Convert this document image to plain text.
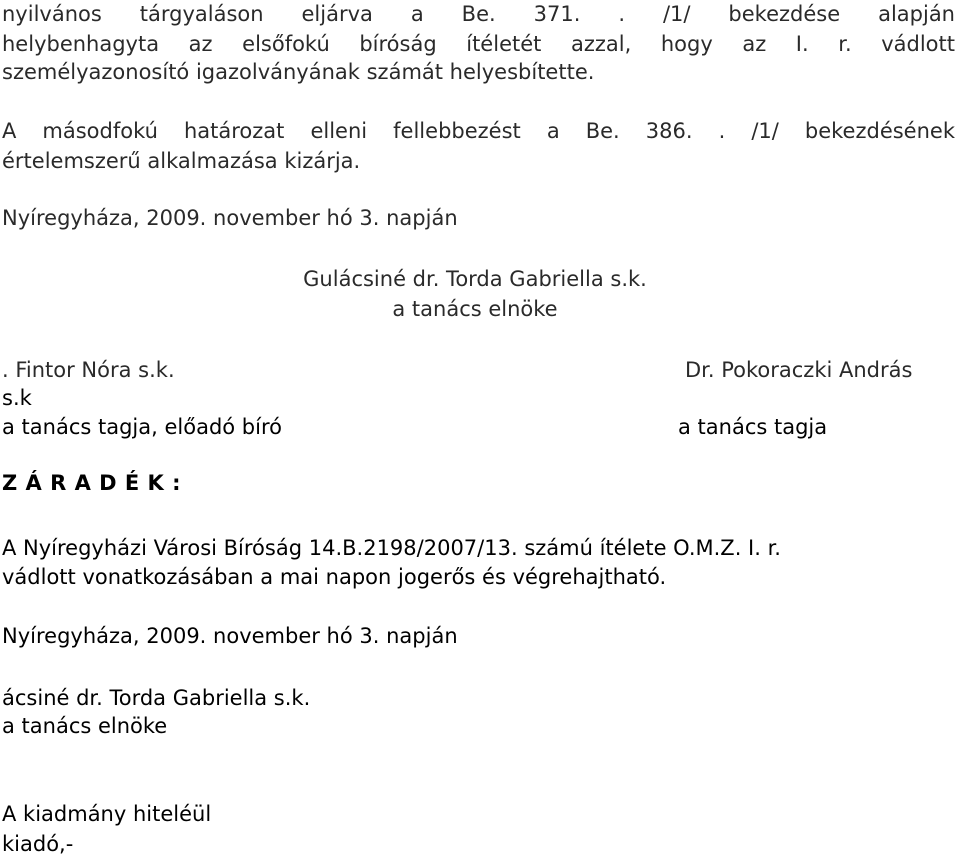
nyilvános tárgyaláson eljárva a Be. 371. . /1/ bekezdése alapján
helybenhagyta az elsőfokú bíróság ítéletét azzal, hogy az I. r. vádlott
személyazonosító igazolványának számát helyesbítette.
A másodfokú határozat elleni fellebbezést a Be. 386. . /1/ bekezdésének
értelemszerű alkalmazása kizárja.
Nyíregyháza, 2009. november hó 3. napján
Gulácsiné dr. Torda Gabriella s.k.
a tanács elnöke
. Fintor Nóra s.k.
s.k
a tanács tagja, előadó bíró
Dr. Pokoraczki András
a tanács tagja
Z Á R A D É K :
A Nyíregyházi Városi Bíróság 14.B.2198/2007/13. számú ítélete O.M.Z. I. r.
vádlott vonatkozásában a mai napon jogerős és végrehajtható.
Nyíregyháza, 2009. november hó 3. napján
ácsiné dr. Torda Gabriella s.k.
a tanács elnöke
A kiadmány hiteléül
kiadó,-
